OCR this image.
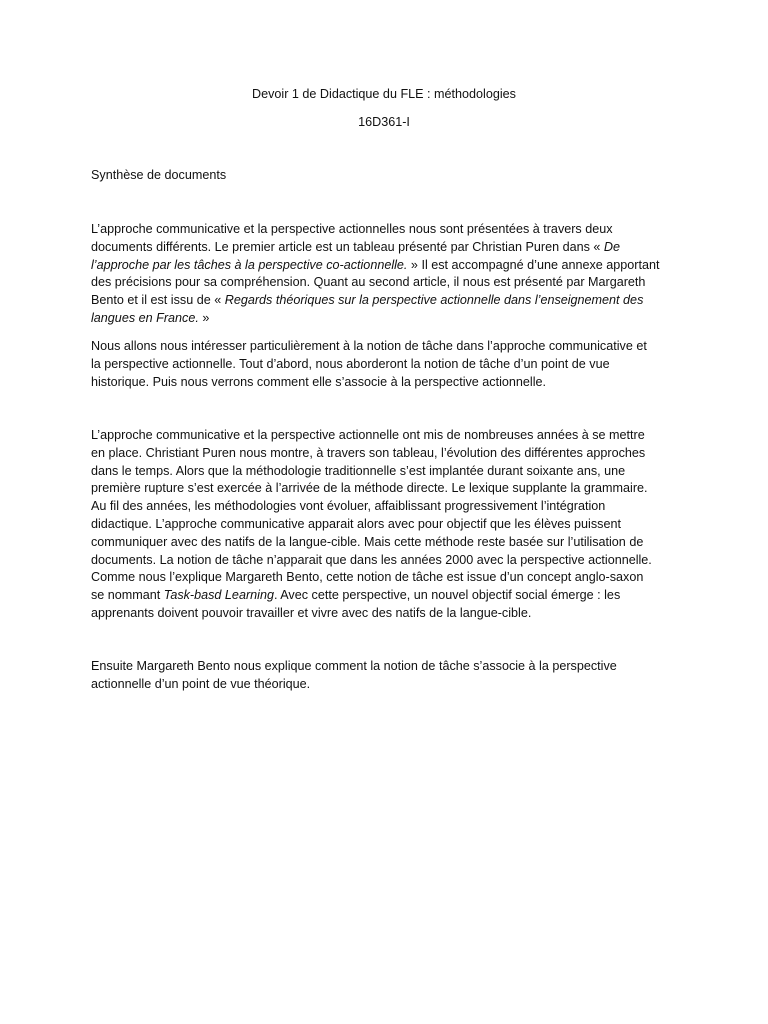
Devoir 1 de Didactique du FLE : méthodologies

16D361-I

Synthèse de documents

L’approche communicative et la perspective actionnelles nous sont présentées à travers deux
documents différents. Le premier article est un tableau présenté par Christian Puren dans « De
l’approche par les tâches à la perspective co-actionnelle. » Il est accompagné d’une annexe apportant
des précisions pour sa compréhension. Quant au second article, il nous est présenté par Margareth
Bento et il est issu de « Regards théoriques sur la perspective actionnelle dans l’enseignement des
langues en France. »

Nous allons nous intéresser particulièrement à la notion de tâche dans l’approche communicative et
la perspective actionnelle. Tout d’abord, nous aborderont la notion de tâche d’un point de vue
historique. Puis nous verrons comment elle s’associe à la perspective actionnelle.

L’approche communicative et la perspective actionnelle ont mis de nombreuses années à se mettre
en place. Christiant Puren nous montre, à travers son tableau, l’évolution des différentes approches
dans le temps. Alors que la méthodologie traditionnelle s’est implantée durant soixante ans, une
première rupture s’est exercée à l’arrivée de la méthode directe. Le lexique supplante la grammaire.
Au fil des années, les méthodologies vont évoluer, affaiblissant progressivement l’intégration
didactique. L’approche communicative apparait alors avec pour objectif que les élèves puissent
communiquer avec des natifs de la langue-cible. Mais cette méthode reste basée sur l’utilisation de
documents. La notion de tâche n’apparait que dans les années 2000 avec la perspective actionnelle.
Comme nous l’explique Margareth Bento, cette notion de tâche est issue d’un concept anglo-saxon
se nommant Task-basd Learning. Avec cette perspective, un nouvel objectif social émerge : les
apprenants doivent pouvoir travailler et vivre avec des natifs de la langue-cible.

Ensuite Margareth Bento nous explique comment la notion de tâche s’associe à la perspective
actionnelle d’un point de vue théorique.
